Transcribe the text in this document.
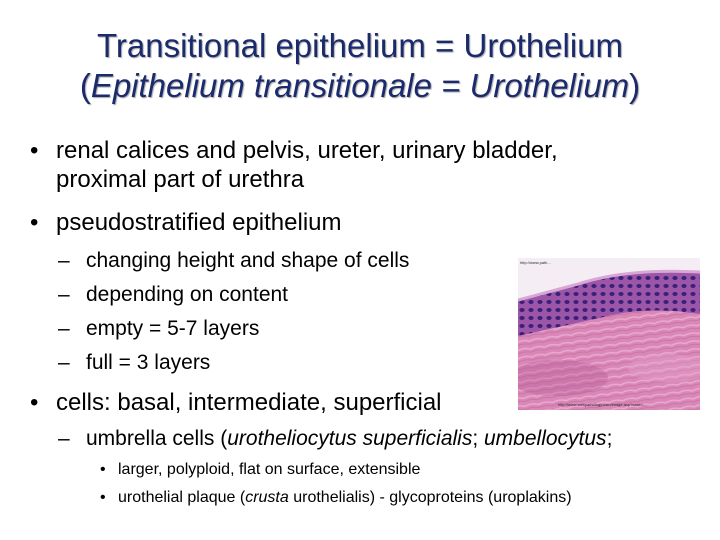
Transitional epithelium = Urothelium
(Epithelium transitionale = Urothelium)
• renal calices and pelvis, ureter, urinary bladder,
proximal part of urethra
• pseudostratified epithelium
– changing height and shape of cells
– depending on content
– empty = 5-7 layers
– full = 3 layers
• cells: basal, intermediate, superficial
– umbrella cells (urotheliocytus superficialis; umbellocytus;
• larger, polyploid, flat on surface, extensible
• urothelial plaque (crusta urothelialis) - glycoproteins (uroplakins)
http://www.path...
http://www.webpathology.com/image.asp?case=...
